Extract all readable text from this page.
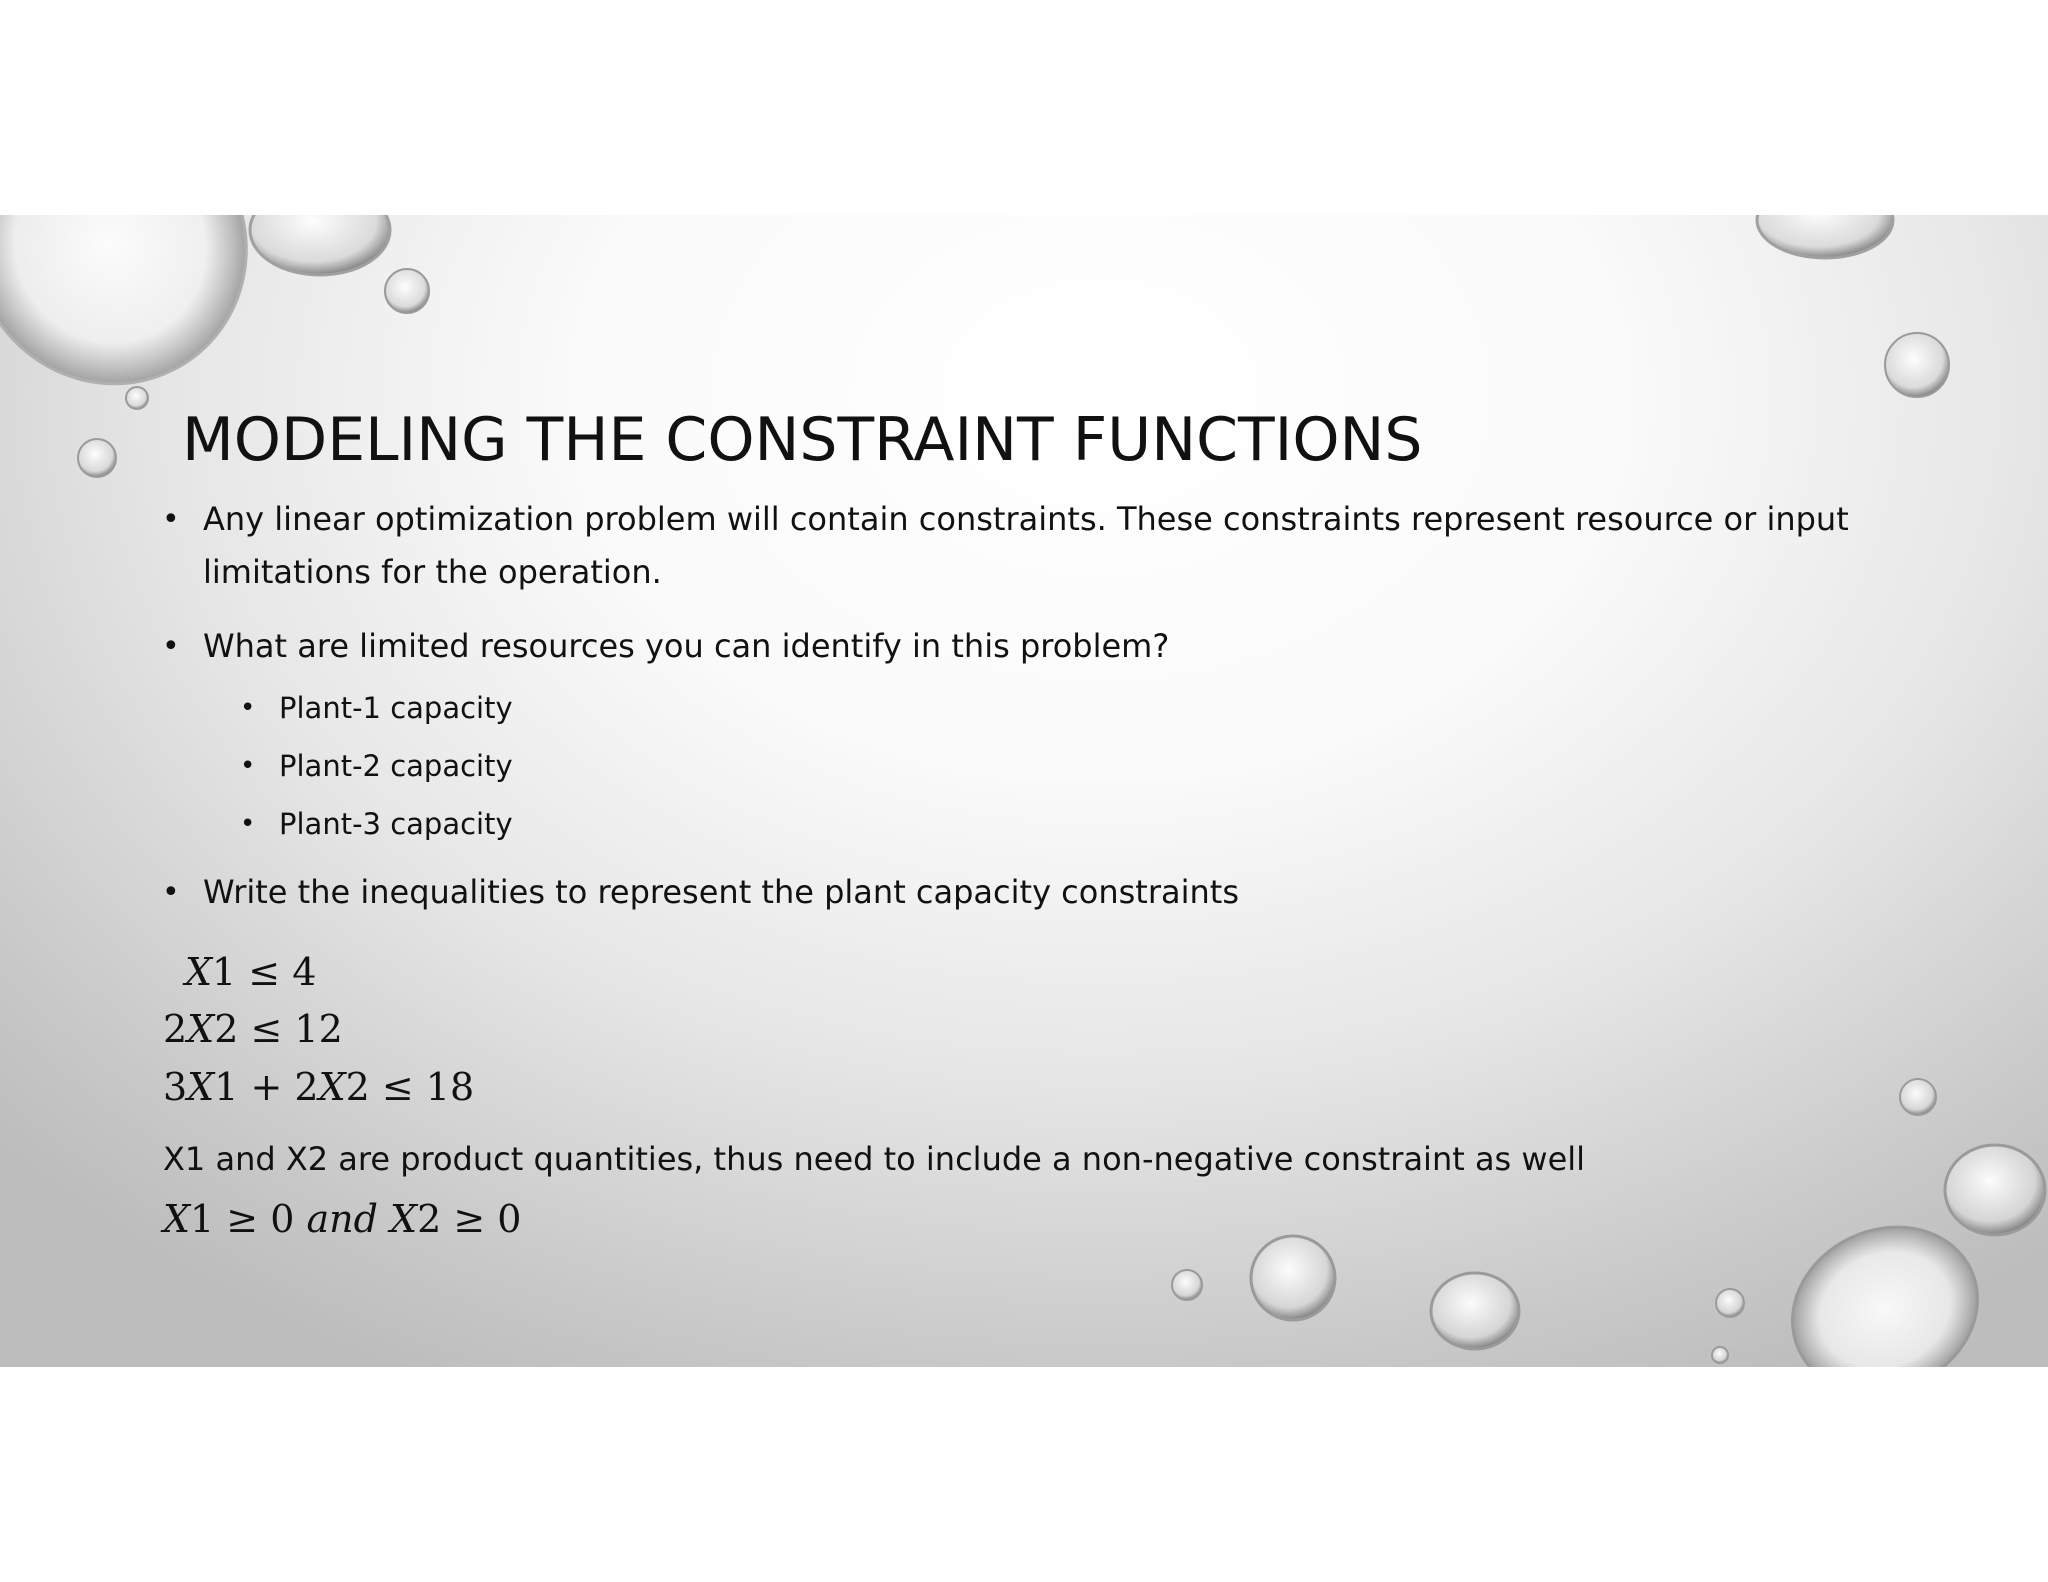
MODELING THE CONSTRAINT FUNCTIONS
• Any linear optimization problem will contain constraints. These constraints represent resource or input limitations for the operation.
• What are limited resources you can identify in this problem?
• Plant-1 capacity
• Plant-2 capacity
• Plant-3 capacity
• Write the inequalities to represent the plant capacity constraints
𝑋1 ≤ 4
2𝑋2 ≤ 12
3𝑋1 + 2𝑋2 ≤ 18
X1 and X2 are product quantities, thus need to include a non-negative constraint as well
𝑋1 ≥ 0 𝑎𝑛𝑑 𝑋2 ≥ 0
